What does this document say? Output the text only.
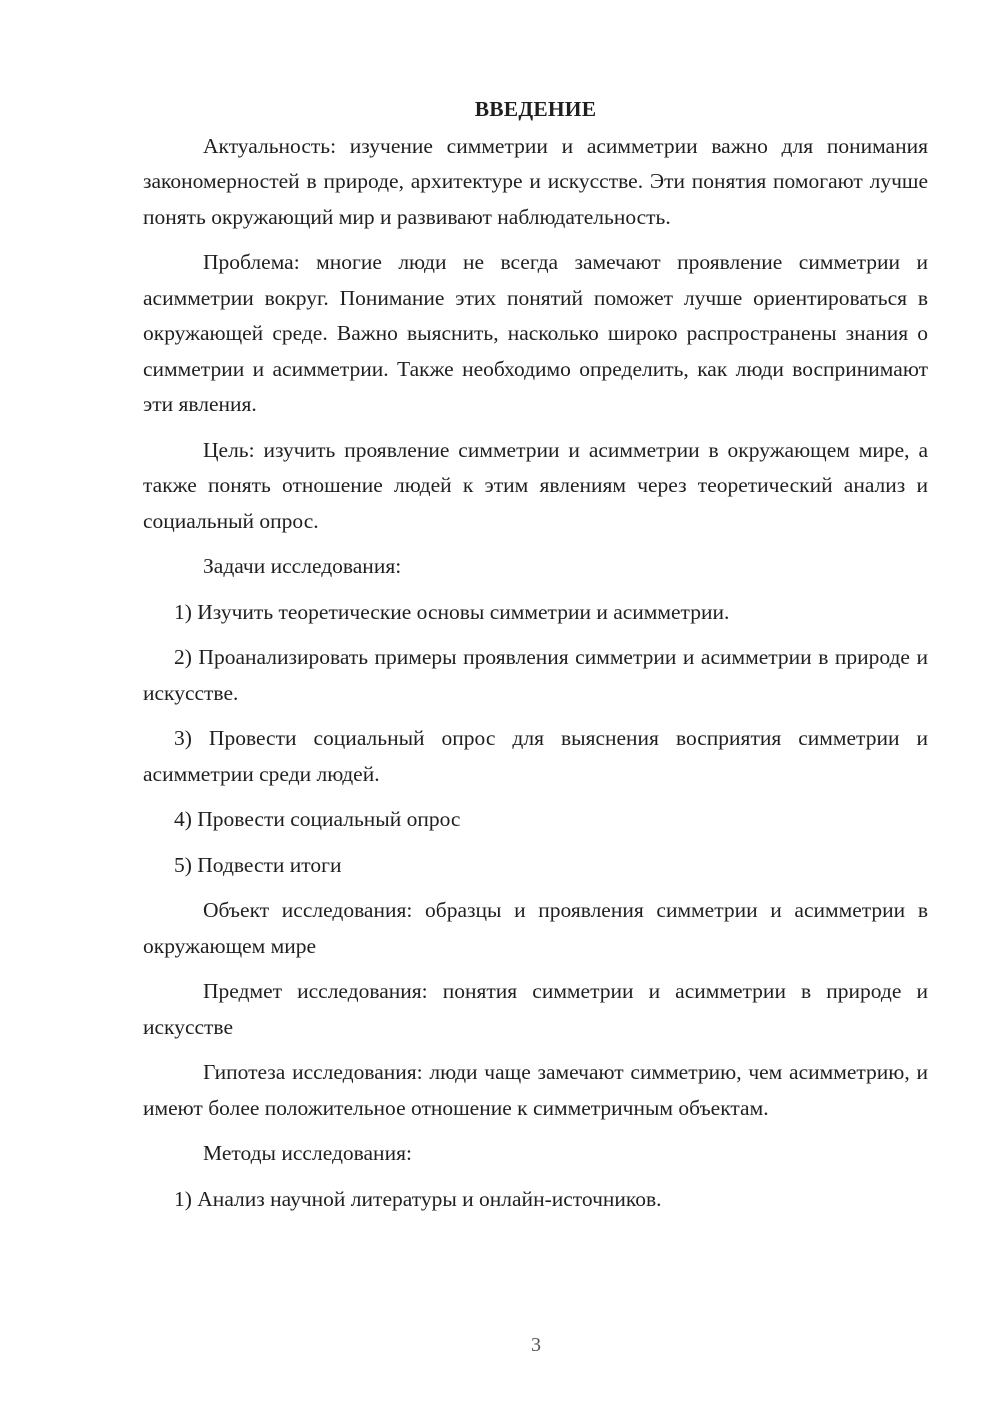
ВВЕДЕНИЕ
Актуальность: изучение симметрии и асимметрии важно для понимания закономерностей в природе, архитектуре и искусстве. Эти понятия помогают лучше понять окружающий мир и развивают наблюдательность.
Проблема: многие люди не всегда замечают проявление симметрии и асимметрии вокруг. Понимание этих понятий поможет лучше ориентироваться в окружающей среде. Важно выяснить, насколько широко распространены знания о симметрии и асимметрии. Также необходимо определить, как люди воспринимают эти явления.
Цель: изучить проявление симметрии и асимметрии в окружающем мире, а также понять отношение людей к этим явлениям через теоретический анализ и социальный опрос.
Задачи исследования:
1) Изучить теоретические основы симметрии и асимметрии.
2) Проанализировать примеры проявления симметрии и асимметрии в природе и искусстве.
3) Провести социальный опрос для выяснения восприятия симметрии и асимметрии среди людей.
4) Провести социальный опрос
5) Подвести итоги
Объект исследования: образцы и проявления симметрии и асимметрии в окружающем мире
Предмет исследования: понятия симметрии и асимметрии в природе и искусстве
Гипотеза исследования: люди чаще замечают симметрию, чем асимметрию, и имеют более положительное отношение к симметричным объектам.
Методы исследования:
1) Анализ научной литературы и онлайн-источников.
3
